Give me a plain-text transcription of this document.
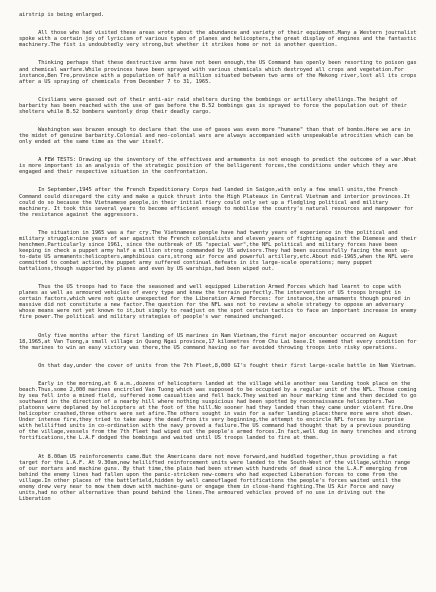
airstrip is being enlarged.

All those who had visited these areas wrote about the abundance and variety of their equipment.Many a Western journalist spoke with a certain joy of lyricism of various types of planes and helicopters,the great display of engines and the fantastic machinery.The fist is undoubtedly very strong,but whether it strikes home or not is another question.

Thinking perhaps that these destructive arms have not been enough,the US Command has openly been resorting to poison gas and chemical warfare.While provinces have been sprayed with various chemicals which destroyed all crops and vegetation.For instance,Ben Tre,province with a population of half a million situated between two arms of the Mekong river,lost all its crops after a US spraying of chemicals from December 7 to 31, 1965.

Civilians were gassed out of their anti-air raid shelters during the bombings or artillery shellings.The height of barbarity has been reached with the use of gas before the B.52 bombings gas is sprayed to force the population out of their shelters while B.52 bombers wantonly drop their deadly cargo.

Washington was brazen enough to declare that the use of gases was even more "humane" than that of bombs.Here we are in the midst of genuine barbarity.Colonial and neo-colonial wars are always accompanied with unspeakable atrocities which can be only ended at the same time as the war itself.

A FEW TESTS: Drawing up the inventory of the effectives and armaments is not enough to predict the outcome of a war.What is more important is an analysis of the strategic position of the belligerent forces,the conditions under which they are engaged and their respective situation in the confrontation.

In September,1945 after the French Expeditionary Corps had landed in Saigon,with only a few small units,the French Command could disregard the city and make a quick thrust into the High Plateaux in Central Vietnam and interior provinces.It could do so because the Vietnamese people,in their initial fiery could only set up a fledgling political and military machinery. It took this several years to become efficient enough to mobilise the country's natural resources and manpower for the resistance against the aggressors.

The situation in 1965 was a far cry.The Vietnamese people have had twenty years of experience in the political and military struggle:nine years of war against the French colonialists and eleven years of fighting against the Diemese and their henchmen.Particularly since 1961, since the outbreak of US "special war",the NFL political and military forces have been keeping in check a puppet army half a million strong commanded by US advisors.They had been successfully facing the most up-to-date US armaments:helicopters,amphibious cars,strong air force and powerful artillery,etc.About mid-1965,when the NFL were committed to combat action,the puppet army suffered continual defeats in its large-scale operations; many puppet battalions,though supported by planes and even by US warships,had been wiped out.

Thus the US troops had to face the seasoned and well equipped Liberation Armed Forces which had learnt to cope with planes as well as armoured vehicles of every type and knew the terrain perfectly.The intervention of US troops brought in certain factors,which were not quite unexpected for the Liberation Armed Forces: for instance,the armaments though poured in massive did not constitute a new factor.The question for the NFL was not to review a whole strategy to oppose an adversary whose means were not yet known to it,but simply to readjust on the spot certain tactics to face an important increase in enemy fire power.The political and military strategies of people's war remained unchanged.

Only five months after the first landing of US marines in Nam Vietnam,the first major encounter occurred on August 18,1965,at Van Tuong,a small village in Quang Ngai province,17 kilometres from Chu Lai base.It seemed that every condition for the marines to win an easy victory was there,the US command having so far avoided throwing troops into risky operations.

On that day,under the cover of units from the 7th Fleet,8,000 GI's fought their first large-scale battle in Nam Vietnam.

Early in the morning,at 6 a.m.,dozens of helicopters landed at the village while another sea landing took place on the beach.Thus,some 2,000 marines encircled Van Tuong which was supposed to be occupied by a regular unit of the NFL. Those coming by sea fell into a mined field, suffered some casualties and fell back.They waited an hour marking time and then decided to go southward in the direction of a nearby hill where nothing suspicious had been spotted by reconnaissance helicopters.Two platoons were deplaned by helicopters at the foot of the hill.No sooner had they landed than they came under violent fire.One helicopter crashed,three others were set afire.The others sought in vain for a safer landing place:there more were shot down. Under intense fire,they tried to take away the dead.From its very beginning,the attempt to encircle NFL forces by surprise with helilifted units in co-ordination with the navy proved a failure.The US command had thought that by a previous pounding of the village,vessels from the 7th Fleet had wiped out the people's armed forces.In fact,well dug in many trenches and strong fortifications,the L.A.F dodged the bombings and waited until US troops landed to fire at them.

At 8.00am US reinforcements came.But the Americans dare not move forward,and huddled together,thus providing a fat target for the L.A.F. At 9.30am,new helilifted reinforcement units were landed to the South-West of the village,within range of our mortars and machine guns. By that time,the plain had been strewn with hundreds of dead since the L.A.F emerging from behind the enemy lines had fallen upon the panic-stricken new-comers who had expected Liberation forces to come from the village.In other places of the battlefield,hidden by well camouflaged fortifications the people's forces waited until the enemy drew very near to mow them down with machine-guns or engage them in close-hand fighting.The US Air Force and navy units,had no other alternative than pound behind the lines.The armoured vehicles proved of no use in driving out the Liberation
